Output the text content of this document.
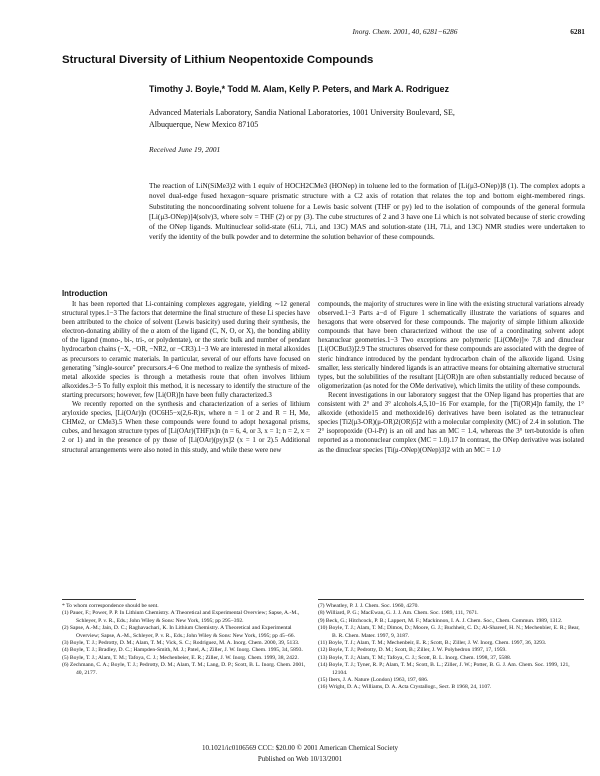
Inorg. Chem. 2001, 40, 6281−6286	6281
Structural Diversity of Lithium Neopentoxide Compounds
Timothy J. Boyle,* Todd M. Alam, Kelly P. Peters, and Mark A. Rodriguez
Advanced Materials Laboratory, Sandia National Laboratories, 1001 University Boulevard, SE,
Albuquerque, New Mexico 87105
Received June 19, 2001
The reaction of LiN(SiMe3)2 with 1 equiv of HOCH2CMe3 (HONep) in toluene led to the formation of [Li(μ3-ONep)]8 (1). The complex adopts a novel dual-edge fused hexagon−square prismatic structure with a C2 axis of rotation that relates the top and bottom eight-membered rings. Substituting the noncoordinating solvent toluene for a Lewis basic solvent (THF or py) led to the isolation of compounds of the general formula [Li(μ3-ONep)]4(solv)3, where solv = THF (2) or py (3). The cube structures of 2 and 3 have one Li which is not solvated because of steric crowding of the ONep ligands. Multinuclear solid-state (6Li, 7Li, and 13C) MAS and solution-state (1H, 7Li, and 13C) NMR studies were undertaken to verify the identity of the bulk powder and to determine the solution behavior of these compounds.
Introduction

It has been reported that Li-containing complexes aggregate, yielding ∼12 general structural types.1−3 The factors that determine the final structure of these Li species have been attributed to the choice of solvent (Lewis basicity) used during their synthesis, the electron-donating ability of the α atom of the ligand (C, N, O, or X), the bonding ability of the ligand (mono-, bi-, tri-, or polydentate), or the steric bulk and number of pendant hydrocarbon chains (−X, −OR, −NR2, or −CR3).1−3 We are interested in metal alkoxides as precursors to ceramic materials. In particular, several of our efforts have focused on generating "single-source" precursors.4−6 One method to realize the synthesis of mixed-metal alkoxide species is through a metathesis route that often involves lithium alkoxides.3−5 To fully exploit this method, it is necessary to identify the structure of the starting precursors; however, few [Li(OR)]n have been fully characterized.3

We recently reported on the synthesis and characterization of a series of lithium aryloxide species, [Li(OAr)]n (OC6H5−x(2,6-R)x, where n = 1 or 2 and R = H, Me, CHMe2, or CMe3).5 When these compounds were found to adopt hexagonal prisms, cubes, and hexagon structure types of [Li(OAr)(THF)x]n (n = 6, 4, or 3, x = 1; n = 2, x = 2 or 1) and in the presence of py those of [Li(OAr)(py)x]2 (x = 1 or 2).5 Additional structural arrangements were also noted in this study, and while these were new

compounds, the majority of structures were in line with the existing structural variations already observed.1−3 Parts a−d of Figure 1 schematically illustrate the variations of squares and hexagons that were observed for these compounds. The majority of simple lithium alkoxide compounds that have been characterized without the use of a coordinating solvent adopt hexanuclear geometries.1−3 Two exceptions are polymeric [Li(OMe)]∞ 7,8 and dinuclear [Li(OCBut3)]2.9 The structures observed for these compounds are associated with the degree of steric hindrance introduced by the pendant hydrocarbon chain of the alkoxide ligand. Using smaller, less sterically hindered ligands is an attractive means for obtaining alternative structural types, but the solubilities of the resultant [Li(OR)]n are often substantially reduced because of oligomerization (as noted for the OMe derivative), which limits the utility of these compounds.

Recent investigations in our laboratory suggest that the ONep ligand has properties that are consistent with 2° and 3° alcohols.4,5,10−16 For example, for the [Ti(OR)4]n family, the 1° alkoxide (ethoxide15 and methoxide16) derivatives have been isolated as the tetranuclear species [Ti2(μ3-OR)(μ-OR)2(OR)5]2 with a molecular complexity (MC) of 2.4 in solution. The 2° isopropoxide (O-i-Pr) is an oil and has an MC = 1.4, whereas the 3° tert-butoxide is often reported as a mononuclear complex (MC = 1.0).17 In contrast, the ONep derivative was isolated as the dinuclear species [Ti(μ-ONep)(ONep)3]2 with an MC = 1.0

* To whom correspondence should be sent.
(1) Pauer, F.; Power, P. P. In Lithium Chemistry. A Theoretical and Experimental Overview; Sapse, A.-M., Schleyer, P. v. R., Eds.; John Wiley & Sons: New York, 1995; pp 295−392.
(2) Sapse, A.-M.; Jain, D. C.; Raghavachari, K. In Lithium Chemistry. A Theoretical and Experimental Overview; Sapse, A.-M., Schleyer, P. v. R., Eds.; John Wiley & Sons: New York, 1995; pp 45−66.
(3) Boyle, T. J.; Pedrotty, D. M.; Alam, T. M.; Vick, S. C.; Rodriguez, M. A. Inorg. Chem. 2000, 39, 5133.
(4) Boyle, T. J.; Bradley, D. C.; Hampden-Smith, M. J.; Patel, A.; Ziller, J. W. Inorg. Chem. 1995, 34, 5893.
(5) Boyle, T. J.; Alam, T. M.; Tafoya, C. J.; Mechenbeier, E. R.; Ziller, J. W. Inorg. Chem. 1999, 38, 2422.
(6) Zechmann, C. A.; Boyle, T. J.; Pedrotty, D. M.; Alam, T. M.; Lang, D. P.; Scott, B. L. Inorg. Chem. 2001, 40, 2177.
(7) Wheatley, P. J. J. Chem. Soc. 1960, 4270.
(8) Williard, P. G.; MacEwan, G. J. J. Am. Chem. Soc. 1989, 111, 7671.
(9) Beck, G.; Hitchcock, P. B.; Lappert, M. F.; Mackinnon, I. A. J. Chem. Soc., Chem. Commun. 1989, 1312.
(10) Boyle, T. J.; Alam, T. M.; Dimos, D.; Moore, G. J.; Buchheit, C. D.; Al-Shareef, H. N.; Mechenbier, E. R.; Bear, B. R. Chem. Mater. 1997, 9, 3187.
(11) Boyle, T. J.; Alam, T. M.; Mechenbeir, E. R.; Scott, B.; Ziller, J. W. Inorg. Chem. 1997, 36, 3293.
(12) Boyle, T. J.; Pedrotty, D. M.; Scott, B.; Ziller, J. W. Polyhedron 1997, 17, 1959.
(13) Boyle, T. J.; Alam, T. M.; Tafoya, C. J.; Scott, B. L. Inorg. Chem. 1998, 37, 5588.
(14) Boyle, T. J.; Tyner, R. P.; Alam, T. M.; Scott, B. L.; Ziller, J. W.; Potter, B. G. J. Am. Chem. Soc. 1999, 121, 12104.
(15) Ibers, J. A. Nature (London) 1963, 197, 686.
(16) Wright, D. A.; Williams, D. A. Acta Crystallogr., Sect. B 1968, 24, 1107.
10.1021/ic0106569 CCC: $20.00 © 2001 American Chemical Society
Published on Web 10/13/2001
